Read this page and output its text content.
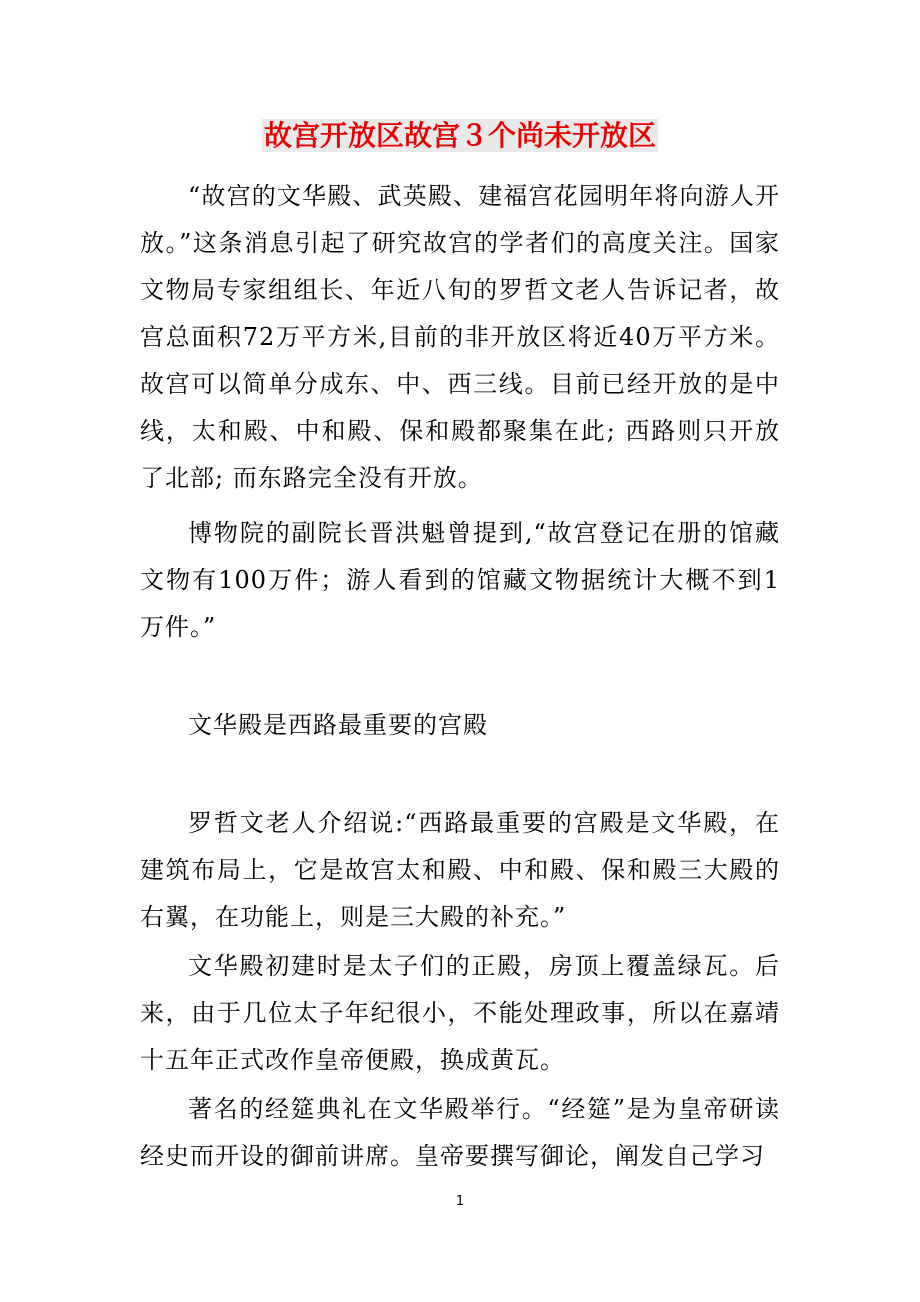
故宫开放区故宫３个尚未开放区

“故宫的文华殿、武英殿、建福宫花园明年将向游人开放。”这条消息引起了研究故宫的学者们的高度关注。国家文物局专家组组长、年近八旬的罗哲文老人告诉记者，故宫总面积72万平方米,目前的非开放区将近40万平方米。故宫可以简单分成东、中、西三线。目前已经开放的是中线，太和殿、中和殿、保和殿都聚集在此; 西路则只开放了北部; 而东路完全没有开放。

博物院的副院长晋洪魁曾提到,“故宫登记在册的馆藏文物有100万件；游人看到的馆藏文物据统计大概不到1万件。”

文华殿是西路最重要的宫殿

罗哲文老人介绍说:“西路最重要的宫殿是文华殿，在建筑布局上，它是故宫太和殿、中和殿、保和殿三大殿的右翼，在功能上，则是三大殿的补充。”

文华殿初建时是太子们的正殿，房顶上覆盖绿瓦。后来，由于几位太子年纪很小，不能处理政事，所以在嘉靖十五年正式改作皇帝便殿，换成黄瓦。

著名的经筵典礼在文华殿举行。“经筵”是为皇帝研读经史而开设的御前讲席。皇帝要撰写御论，阐发自己学习

1
